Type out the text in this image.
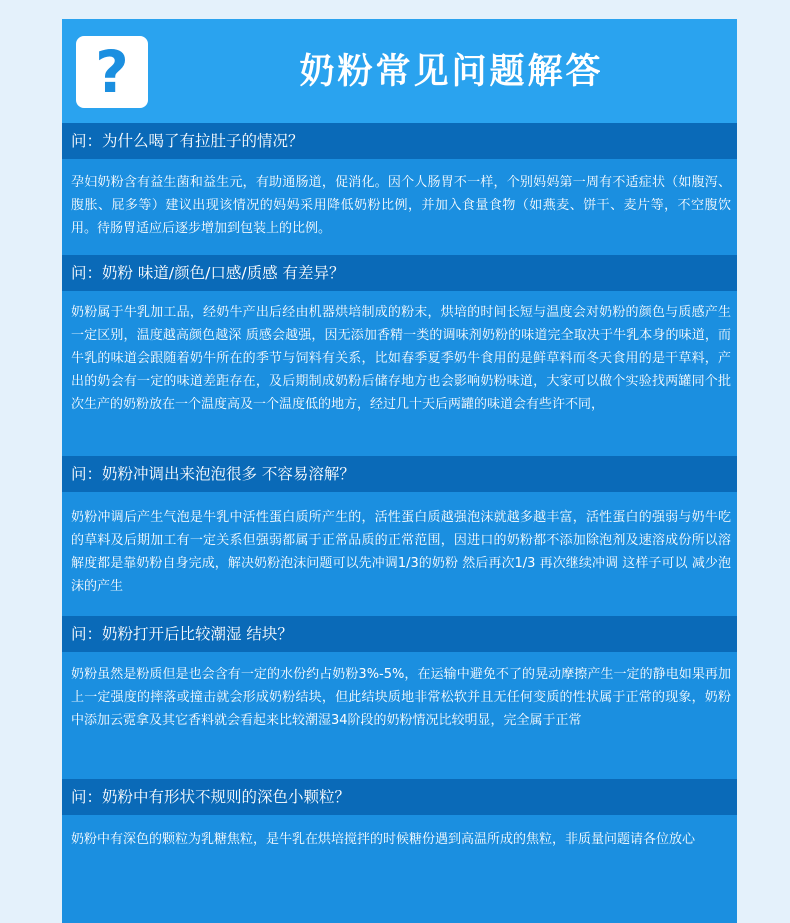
?	奶粉常见问题解答
问：为什么喝了有拉肚子的情况？
孕妇奶粉含有益生菌和益生元，有助通肠道，促消化。因个人肠胃不一样，个别妈妈第一周有不适症状（如腹泻、腹胀、屁多等）建议出现该情况的妈妈采用降低奶粉比例，并加入食量食物（如燕麦、饼干、麦片等，不空腹饮用。待肠胃适应后逐步增加到包装上的比例。
问：奶粉 味道/颜色/口感/质感 有差异？
奶粉属于牛乳加工品，经奶牛产出后经由机器烘培制成的粉末，烘培的时间长短与温度会对奶粉的颜色与质感产生一定区别，温度越高颜色越深 质感会越强，因无添加香精一类的调味剂奶粉的味道完全取决于牛乳本身的味道，而牛乳的味道会跟随着奶牛所在的季节与饲料有关系，比如春季夏季奶牛食用的是鲜草料而冬天食用的是干草料，产出的奶会有一定的味道差距存在，及后期制成奶粉后储存地方也会影响奶粉味道，大家可以做个实验找两罐同个批次生产的奶粉放在一个温度高及一个温度低的地方，经过几十天后两罐的味道会有些许不同，
问：奶粉冲调出来泡泡很多 不容易溶解？
奶粉冲调后产生气泡是牛乳中活性蛋白质所产生的，活性蛋白质越强泡沫就越多越丰富，活性蛋白的强弱与奶牛吃的草料及后期加工有一定关系但强弱都属于正常品质的正常范围，因进口的奶粉都不添加除泡剂及速溶成份所以溶解度都是靠奶粉自身完成，解决奶粉泡沫问题可以先冲调1/3的奶粉 然后再次1/3 再次继续冲调 这样子可以 减少泡沫的产生
问：奶粉打开后比较潮湿 结块？
奶粉虽然是粉质但是也会含有一定的水份约占奶粉3%-5%，在运输中避免不了的晃动摩擦产生一定的静电如果再加上一定强度的摔落或撞击就会形成奶粉结块，但此结块质地非常松软并且无任何变质的性状属于正常的现象，奶粉中添加云霓拿及其它香料就会看起来比较潮湿34阶段的奶粉情况比较明显，完全属于正常
问：奶粉中有形状不规则的深色小颗粒？
奶粉中有深色的颗粒为乳糖焦粒，是牛乳在烘培搅拌的时候糖份遇到高温所成的焦粒，非质量问题请各位放心
